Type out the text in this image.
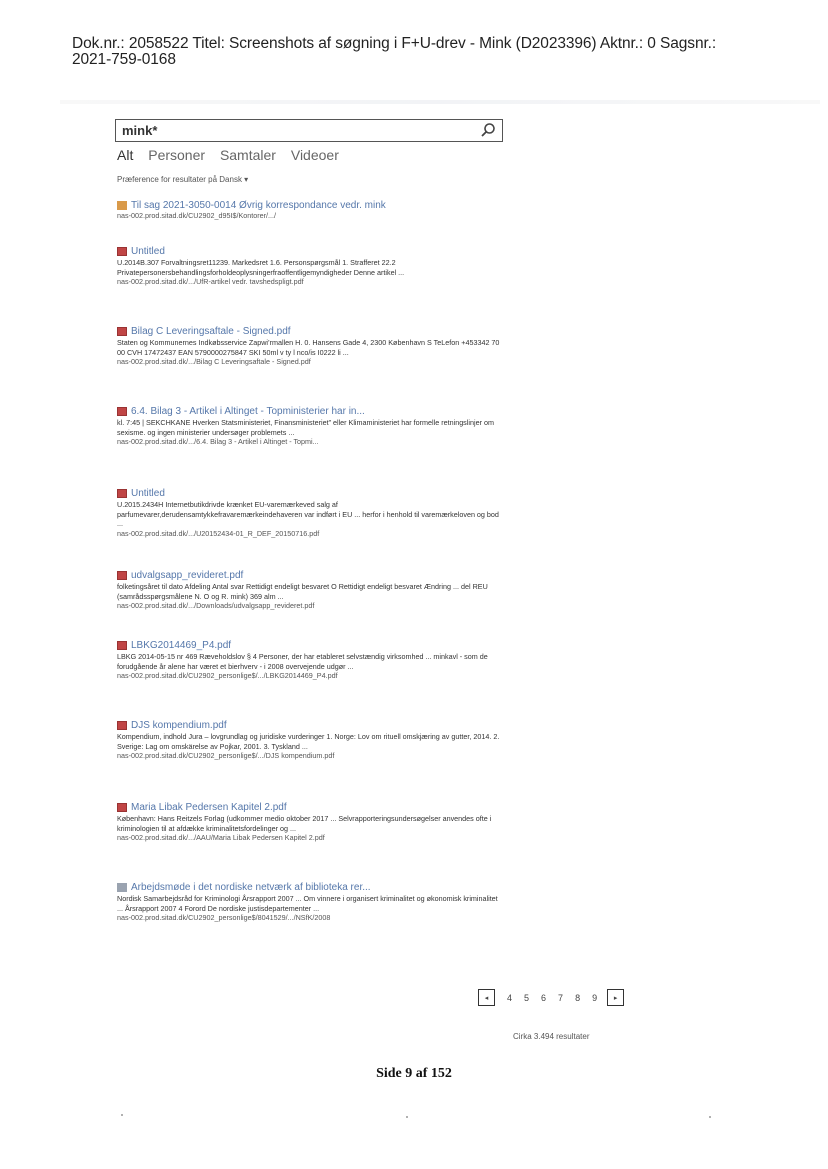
Dok.nr.: 2058522 Titel: Screenshots af søgning i F+U-drev - Mink (D2023396) Aktnr.: 0 Sagsnr.:
2021-759-0168
mink*
Alt Personer Samtaler Videoer
Præference for resultater på Dansk ▾
Til sag 2021-3050-0014 Øvrig korrespondance vedr. mink
nas-002.prod.sitad.dk/CU2902_d95I$/Kontorer/.../
Untitled
U.2014B.307 Forvaltningsret11239. Markedsret 1.6. Personspørgsmål 1. Strafferet 22.2 Privatepersonersbehandlingsforholdeoplysningerfraoffentligemyndigheder Denne artikel ...
nas-002.prod.sitad.dk/.../UfR-artikel vedr. tavshedspligt.pdf
Bilag C Leveringsaftale - Signed.pdf
Staten og Kommunernes Indkøbsservice Zapwi’rmallen H. 0. Hansens Gade 4, 2300 København S TeLefon +453342 70 00 CVH 17472437 EAN 5790000275847 SKI 50ml v ty l nco/is I0222 li ...
nas-002.prod.sitad.dk/.../Bilag C Leveringsaftale - Signed.pdf
6.4. Bilag 3 - Artikel i Altinget - Topministerier har in...
kl. 7:45 | SEKCHKANE Hverken Statsministeriet, Finansministeriet” eller Klimaministeriet har formelle retningslinjer om sexisme. og ingen ministerier undersøger problemets ...
nas-002.prod.sitad.dk/.../6.4. Bilag 3 - Artikel i Altinget - Topmi...
Untitled
U.2015.2434H Internetbutikdrivde krænket EU-varemærkeved salg af parfumevarer,derudensamtykkefravaremærkeindehaveren var indført i EU ... herfor i henhold til varemærkeloven og bod ...
nas-002.prod.sitad.dk/.../U20152434-01_R_DEF_20150716.pdf
udvalgsapp_revideret.pdf
folketingsåret til dato Afdeling Antal svar Rettidigt endeligt besvaret O Rettidigt endeligt besvaret Ændring ... del REU (samrådsspørgsmålene N. O og R. mink) 369 alm ...
nas-002.prod.sitad.dk/.../Downloads/udvalgsapp_revideret.pdf
LBKG2014469_P4.pdf
LBKG 2014-05-15 nr 469 Ræveholdslov § 4 Personer, der har etableret selvstændig virksomhed ... minkavl - som de forudgående år alene har været et bierhverv - i 2008 overvejende udgør ...
nas-002.prod.sitad.dk/CU2902_personlige$/.../LBKG2014469_P4.pdf
DJS kompendium.pdf
Kompendium, indhold Jura – lovgrundlag og juridiske vurderinger 1. Norge: Lov om rituell omskjæring av gutter, 2014. 2. Sverige: Lag om omskärelse av Pojkar, 2001. 3. Tyskland ...
nas-002.prod.sitad.dk/CU2902_personlige$/.../DJS kompendium.pdf
Maria Libak Pedersen Kapitel 2.pdf
København: Hans Reitzels Forlag (udkommer medio oktober 2017 ... Selvrapporteringsundersøgelser anvendes ofte i kriminologien til at afdække kriminalitetsfordelinger og ...
nas-002.prod.sitad.dk/.../AAU/Maria Libak Pedersen Kapitel 2.pdf
Arbejdsmøde i det nordiske netværk af biblioteka rer...
Nordisk Samarbejdsråd for Kriminologi Årsrapport 2007 ... Om vinnere i organisert kriminalitet og økonomisk kriminalitet ... Årsrapport 2007 4 Forord De nordiske justisdepartementer ...
nas-002.prod.sitad.dk/CU2902_personlige$/8041529/.../NSfK/2008
◂	4 5 6 7 8 9	▸
Cirka 3.494 resultater
Side 9 af 152
